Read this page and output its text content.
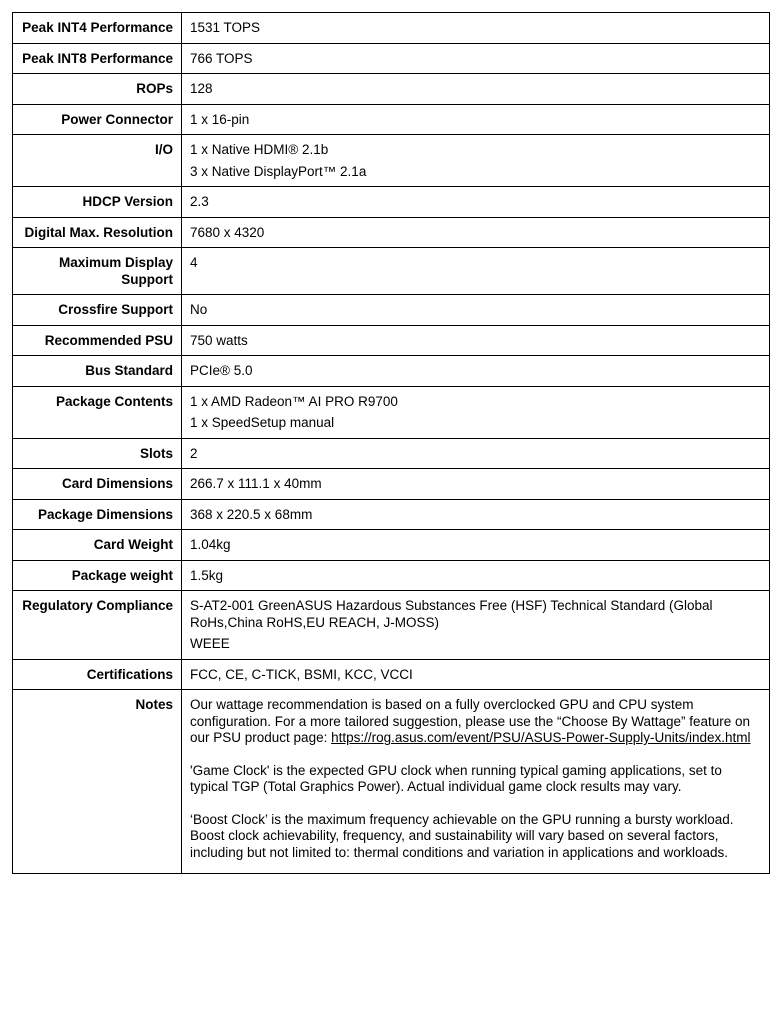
Peak INT4 Performance	1531 TOPS

Peak INT8 Performance	766 TOPS

ROPs	128

Power Connector	1 x 16-pin

I/O	1 x Native HDMI® 2.1b
3 x Native DisplayPort™ 2.1a

HDCP Version	2.3

Digital Max. Resolution	7680 x 4320

Maximum Display Support	4

Crossfire Support	No

Recommended PSU	750 watts

Bus Standard	PCIe® 5.0

Package Contents	1 x AMD Radeon™ AI PRO R9700
1 x SpeedSetup manual

Slots	2

Card Dimensions	266.7 x 111.1 x 40mm

Package Dimensions	368 x 220.5 x 68mm

Card Weight	1.04kg

Package weight	1.5kg

Regulatory Compliance	S-AT2-001 GreenASUS Hazardous Substances Free (HSF) Technical Standard (Global RoHs,China RoHS,EU REACH, J-MOSS)
WEEE

Certifications	FCC, CE, C-TICK, BSMI, KCC, VCCI

Notes	Our wattage recommendation is based on a fully overclocked GPU and CPU system configuration. For a more tailored suggestion, please use the “Choose By Wattage” feature on our PSU product page: https://rog.asus.com/event/PSU/ASUS-Power-Supply-Units/index.html
'Game Clock' is the expected GPU clock when running typical gaming applications, set to typical TGP (Total Graphics Power). Actual individual game clock results may vary.
‘Boost Clock’ is the maximum frequency achievable on the GPU running a bursty workload. Boost clock achievability, frequency, and sustainability will vary based on several factors, including but not limited to: thermal conditions and variation in applications and workloads.
